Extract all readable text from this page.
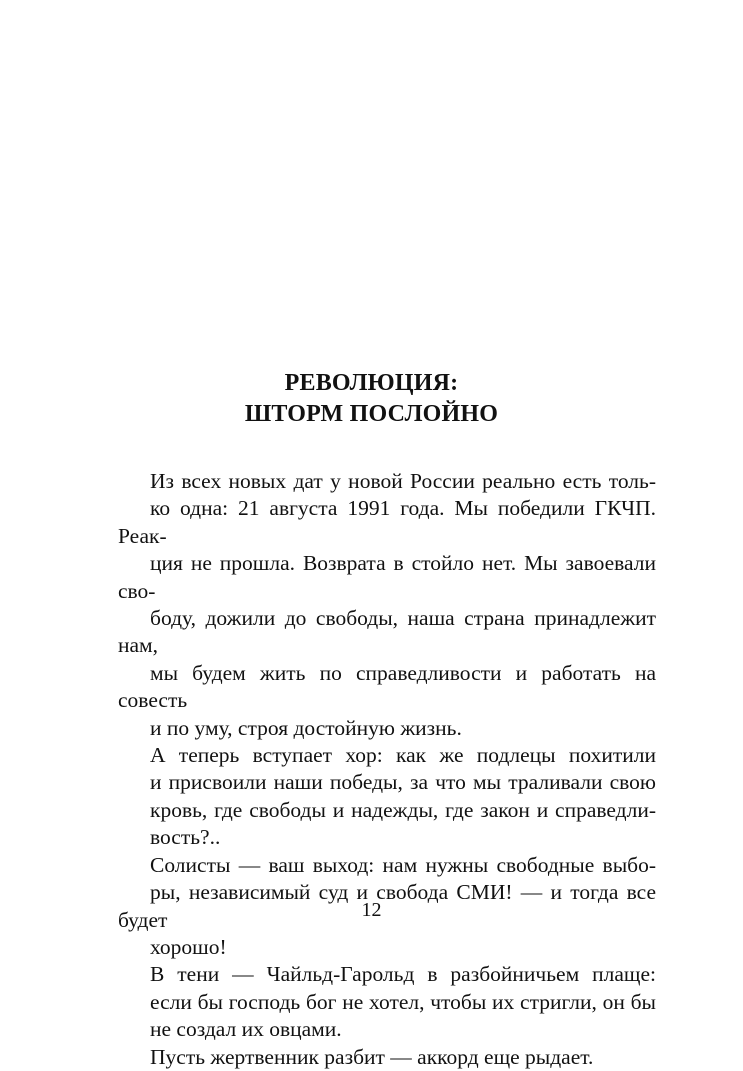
РЕВОЛЮЦИЯ:
ШТОРМ ПОСЛОЙНО

Из всех новых дат у новой России реально есть толь-
ко одна: 21 августа 1991 года. Мы победили ГКЧП. Реак-
ция не прошла. Возврата в стойло нет. Мы завоевали сво-
боду, дожили до свободы, наша страна принадлежит нам,
мы будем жить по справедливости и работать на совесть
и по уму, строя достойную жизнь.

А теперь вступает хор: как же подлецы похитили
и присвоили наши победы, за что мы траливали свою
кровь, где свободы и надежды, где закон и справедли-
вость?..

Солисты — ваш выход: нам нужны свободные выбо-
ры, независимый суд и свобода СМИ! — и тогда все будет
хорошо!

В тени — Чайльд-Гарольд в разбойничьем плаще:
если бы господь бог не хотел, чтобы их стригли, он бы
не создал их овцами.

Пусть жертвенник разбит — аккорд еще рыдает.

12
